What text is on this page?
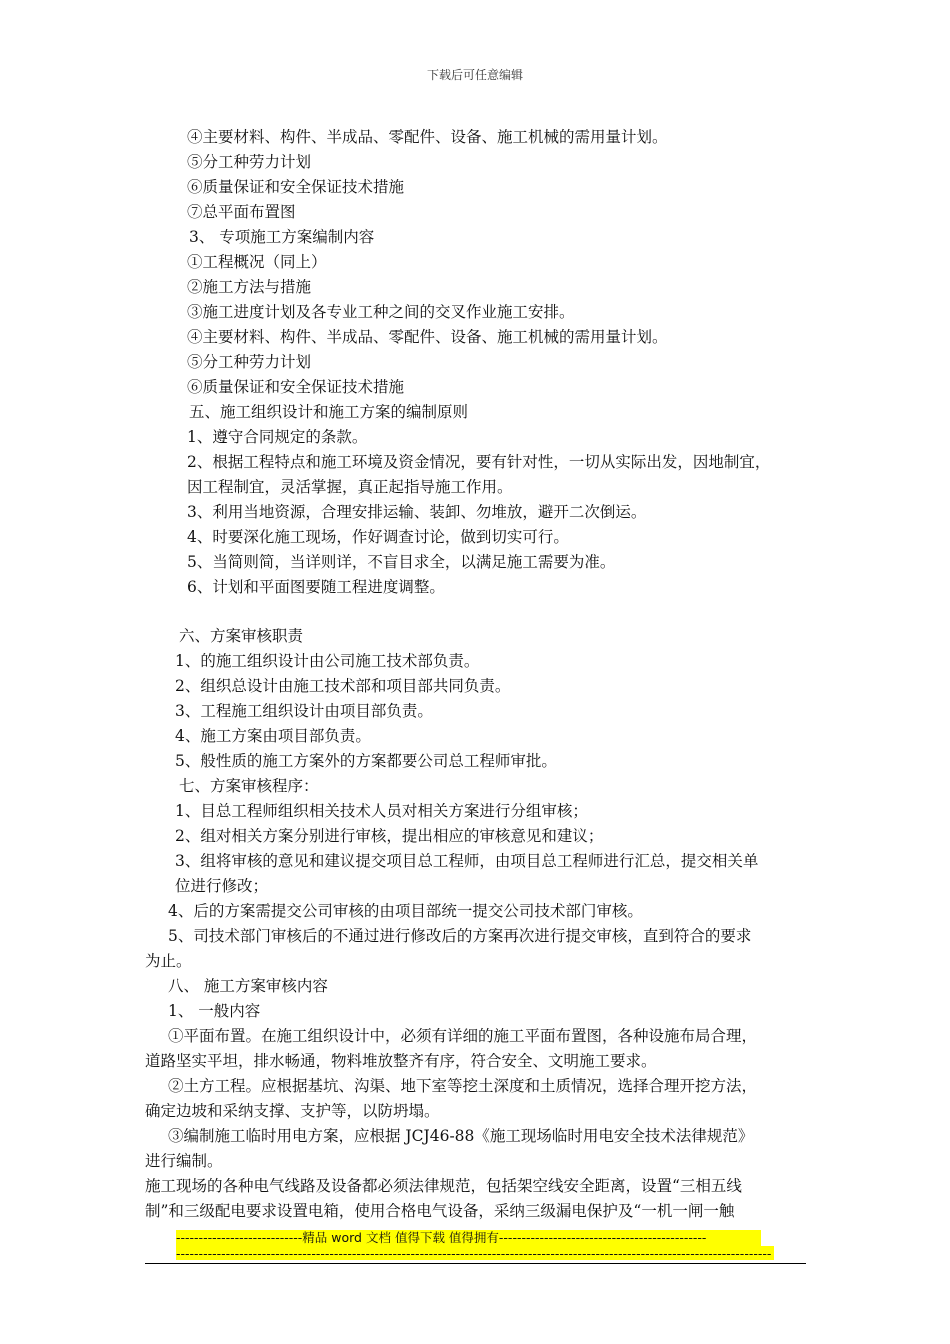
下载后可任意编辑
④主要材料、构件、半成品、零配件、设备、施工机械的需用量计划。
⑤分工种劳力计划
⑥质量保证和安全保证技术措施
⑦总平面布置图
3、 专项施工方案编制内容
①工程概况（同上）
②施工方法与措施
③施工进度计划及各专业工种之间的交叉作业施工安排。
④主要材料、构件、半成品、零配件、设备、施工机械的需用量计划。
⑤分工种劳力计划
⑥质量保证和安全保证技术措施
五、施工组织设计和施工方案的编制原则
1、遵守合同规定的条款。
2、根据工程特点和施工环境及资金情况，要有针对性，一切从实际出发，因地制宜，
因工程制宜，灵活掌握，真正起指导施工作用。
3、利用当地资源，合理安排运输、装卸、勿堆放，避开二次倒运。
4、时要深化施工现场，作好调查讨论，做到切实可行。
5、当简则简，当详则详，不盲目求全，以满足施工需要为准。
6、计划和平面图要随工程进度调整。
六、方案审核职责
1、的施工组织设计由公司施工技术部负责。
2、组织总设计由施工技术部和项目部共同负责。
3、工程施工组织设计由项目部负责。
4、施工方案由项目部负责。
5、般性质的施工方案外的方案都要公司总工程师审批。
七、方案审核程序：
1、目总工程师组织相关技术人员对相关方案进行分组审核；
2、组对相关方案分别进行审核，提出相应的审核意见和建议；
3、组将审核的意见和建议提交项目总工程师，由项目总工程师进行汇总，提交相关单
位进行修改；
4、后的方案需提交公司审核的由项目部统一提交公司技术部门审核。
5、司技术部门审核后的不通过进行修改后的方案再次进行提交审核，直到符合的要求
为止。
八、 施工方案审核内容
1、 一般内容
①平面布置。在施工组织设计中，必须有详细的施工平面布置图，各种设施布局合理，
道路坚实平坦，排水畅通，物料堆放整齐有序，符合安全、文明施工要求。
②土方工程。应根据基坑、沟渠、地下室等挖土深度和土质情况，选择合理开挖方法，
确定边坡和采纳支撑、支护等，以防坍塌。
③编制施工临时用电方案，应根据 JCJ46-88《施工现场临时用电安全技术法律规范》
进行编制。
施工现场的各种电气线路及设备都必须法律规范，包括架空线安全距离，设置“三相五线
制”和三级配电要求设置电箱，使用合格电气设备，采纳三级漏电保护及“一机一闸一触
----------------------------精品 word 文档 值得下载 值得拥有----------------------------------------------
------------------------------------------------------------------------------------------------------------------------------------
